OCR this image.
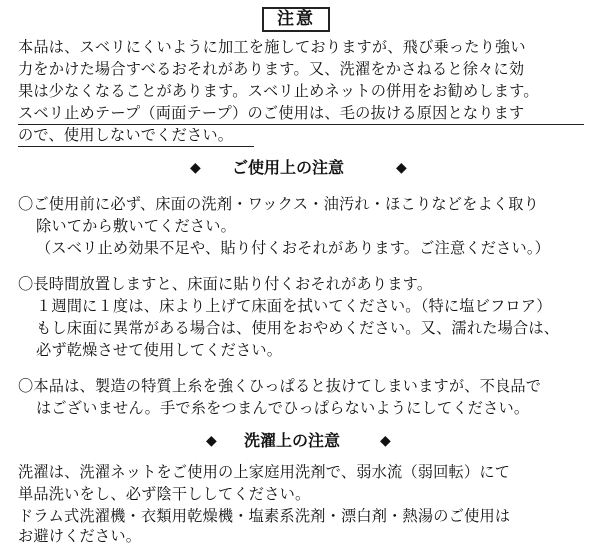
注意
本品は、スベリにくいように加工を施しておりますが、飛び乗ったり強い
力をかけた場合すべるおそれがあります。又、洗濯をかさねると徐々に効
果は少なくなることがあります。スベリ止めネットの併用をお勧めします。
スベリ止めテープ（両面テープ）のご使用は、毛の抜ける原因となります
ので、使用しないでください。
◆ ご使用上の注意	◆
〇ご使用前に必ず、床面の洗剤・ワックス・油汚れ・ほこりなどをよく取り
除いてから敷いてください。
（スベリ止め効果不足や、貼り付くおそれがあります。ご注意ください。）
〇長時間放置しますと、床面に貼り付くおそれがあります。
１週間に１度は、床より上げて床面を拭いてください。（特に塩ビフロア）
もし床面に異常がある場合は、使用をおやめください。又、濡れた場合は、
必ず乾燥させて使用してください。
〇本品は、製造の特質上糸を強くひっぱると抜けてしまいますが、不良品で
はございません。手で糸をつまんでひっぱらないようにしてください。
◆ 洗濯上の注意	◆
洗濯は、洗濯ネットをご使用の上家庭用洗剤で、弱水流（弱回転）にて
単品洗いをし、必ず陰干ししてください。
ドラム式洗濯機・衣類用乾燥機・塩素系洗剤・漂白剤・熱湯のご使用は
お避けください。
